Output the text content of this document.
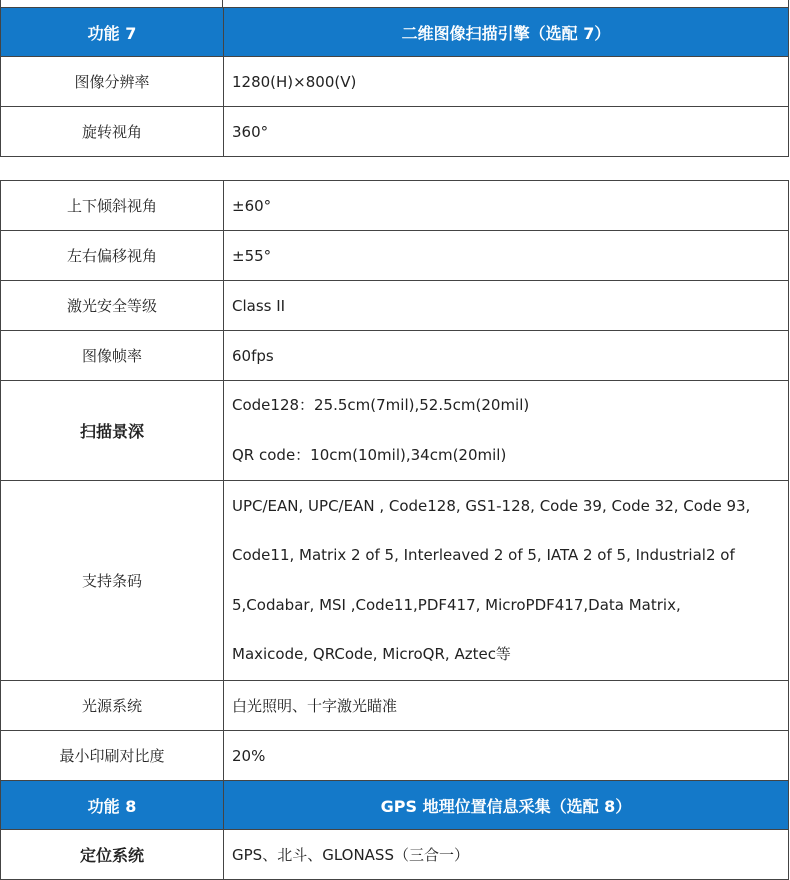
功能 7	二维图像扫描引擎（选配 7）
图像分辨率	1280(H)×800(V)
旋转视角	360°
上下倾斜视角	±60°
左右偏移视角	±55°
激光安全等级	Class II
图像帧率	60fps
扫描景深	Code128：25.5cm(7mil),52.5cm(20mil)
QR code：10cm(10mil),34cm(20mil)

支持条码	UPC/EAN, UPC/EAN , Code128, GS1-128, Code 39, Code 32, Code 93,
Code11, Matrix 2 of 5, Interleaved 2 of 5, IATA 2 of 5, Industrial2 of
5,Codabar, MSI ,Code11,PDF417, MicroPDF417,Data Matrix,
Maxicode, QRCode, MicroQR, Aztec等

光源系统	白光照明、十字激光瞄准
最小印刷对比度	20%
功能 8	GPS 地理位置信息采集（选配 8）
定位系统	GPS、北斗、GLONASS（三合一）
